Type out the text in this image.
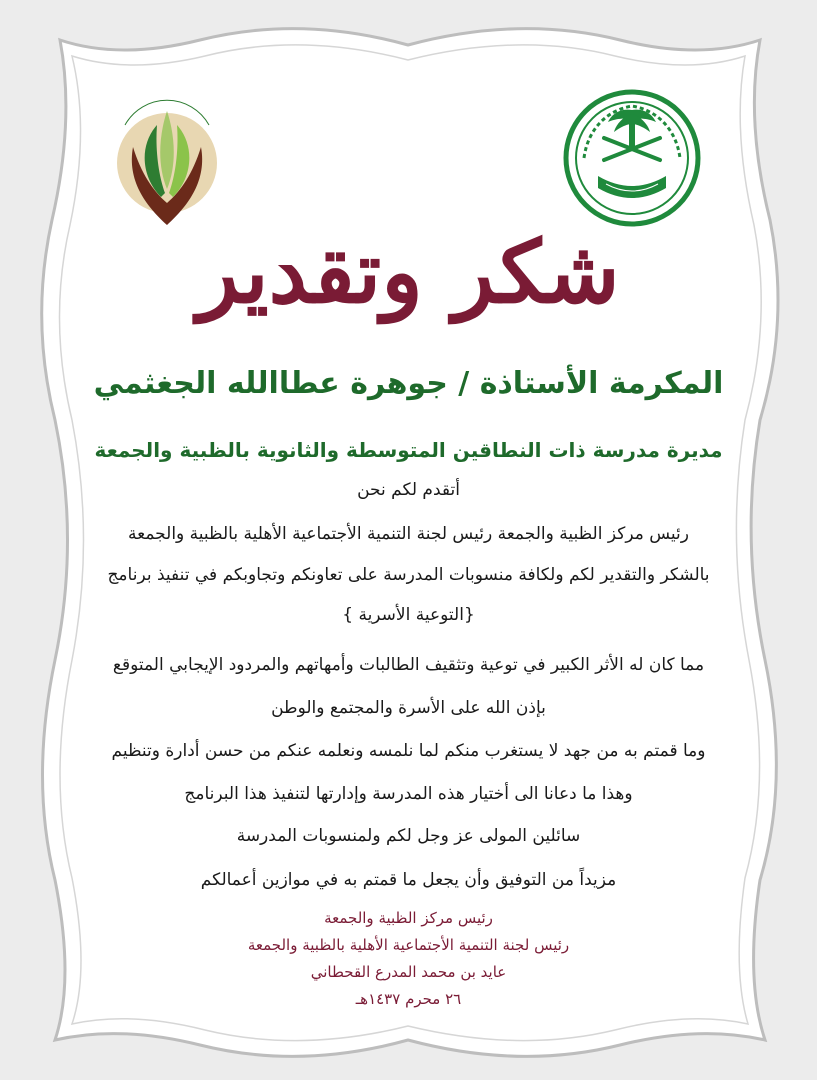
شكر وتقدير
المكرمة الأستاذة / جوهرة عطاالله الجغثمي
مديرة مدرسة ذات النطاقين المتوسطة والثانوية بالظبية والجمعة
أتقدم لكم نحن
رئيس مركز الظبية والجمعة رئيس لجنة التنمية الأجتماعية الأهلية بالظبية والجمعة
بالشكر والتقدير لكم ولكافة منسوبات المدرسة على تعاونكم وتجاوبكم في تنفيذ برنامج
{التوعية الأسرية }
مما كان له الأثر الكبير في توعية وتثقيف الطالبات وأمهاتهم والمردود الإيجابي المتوقع
بإذن الله على الأسرة والمجتمع والوطن
وما قمتم به من جهد لا يستغرب منكم لما نلمسه ونعلمه عنكم من حسن أدارة وتنظيم
وهذا ما دعانا الى أختيار هذه المدرسة وإدارتها لتنفيذ هذا البرنامج
سائلين المولى عز وجل لكم ولمنسوبات المدرسة
مزيداً من التوفيق وأن يجعل ما قمتم به في موازين أعمالكم
رئيس مركز الظبية والجمعة
رئيس لجنة التنمية الأجتماعية الأهلية بالظبية والجمعة
عايد بن محمد المدرع القحطاني
٢٦ محرم ١٤٣٧هـ
